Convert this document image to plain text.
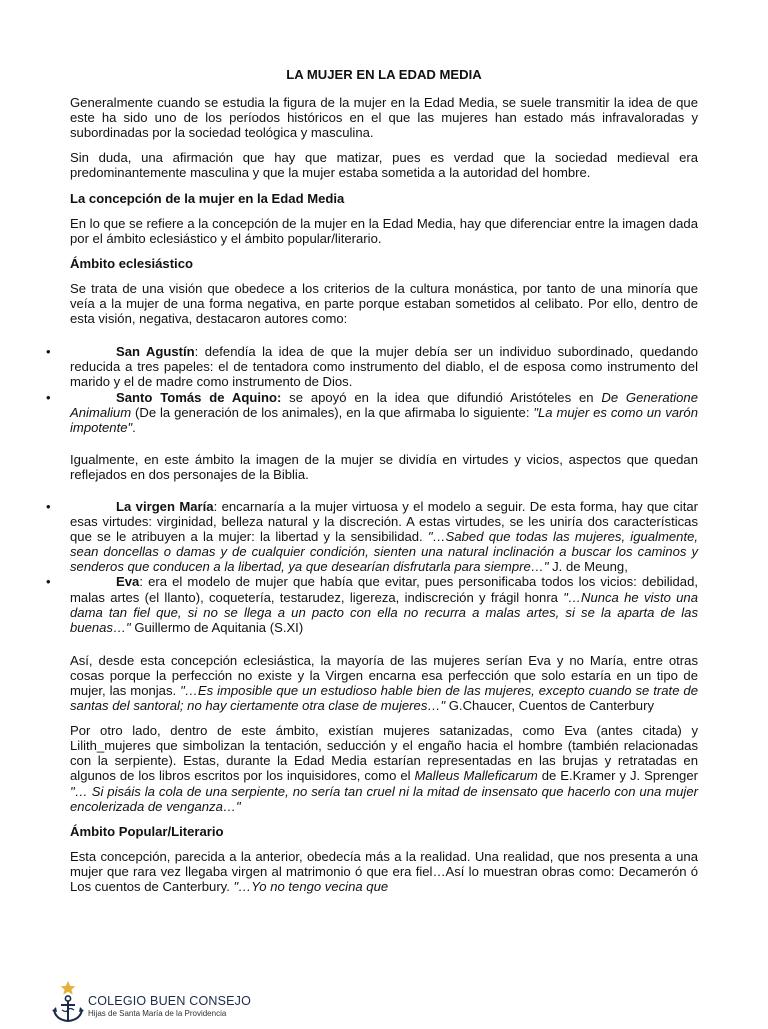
LA MUJER EN LA EDAD MEDIA

Generalmente cuando se estudia la figura de la mujer en la Edad Media, se suele transmitir la idea de que este ha sido uno de los períodos históricos en el que las mujeres han estado más infravaloradas y subordinadas por la sociedad teológica y masculina.

Sin duda, una afirmación que hay que matizar, pues es verdad que la sociedad medieval era predominantemente masculina y que la mujer estaba sometida a la autoridad del hombre.

La concepción de la mujer en la Edad Media

En lo que se refiere a la concepción de la mujer en la Edad Media, hay que diferenciar entre la imagen dada por el ámbito eclesiástico y el ámbito popular/literario.

Ámbito eclesiástico

Se trata de una visión que obedece a los criterios de la cultura monástica, por tanto de una minoría que veía a la mujer de una forma negativa, en parte porque estaban sometidos al celibato. Por ello, dentro de esta visión, negativa, destacaron autores como:

•	San Agustín: defendía la idea de que la mujer debía ser un individuo subordinado, quedando reducida a tres papeles: el de tentadora como instrumento del diablo, el de esposa como instrumento del marido y el de madre como instrumento de Dios.
•	Santo Tomás de Aquino: se apoyó en la idea que difundió Aristóteles en De Generatione Animalium (De la generación de los animales), en la que afirmaba lo siguiente: "La mujer es como un varón impotente".

Igualmente, en este ámbito la imagen de la mujer se dividía en virtudes y vicios, aspectos que quedan reflejados en dos personajes de la Biblia.

•	La virgen María: encarnaría a la mujer virtuosa y el modelo a seguir. De esta forma, hay que citar esas virtudes: virginidad, belleza natural y la discreción. A estas virtudes, se les uniría dos características que se le atribuyen a la mujer: la libertad y la sensibilidad. "…Sabed que todas las mujeres, igualmente, sean doncellas o damas y de cualquier condición, sienten una natural inclinación a buscar los caminos y senderos que conducen a la libertad, ya que desearían disfrutarla para siempre…" J. de Meung,
•	Eva: era el modelo de mujer que había que evitar, pues personificaba todos los vicios: debilidad, malas artes (el llanto), coquetería, testarudez, ligereza, indiscreción y frágil honra "…Nunca he visto una dama tan fiel que, si no se llega a un pacto con ella no recurra a malas artes, si se la aparta de las buenas…" Guillermo de Aquitania (S.XI)

Así, desde esta concepción eclesiástica, la mayoría de las mujeres serían Eva y no María, entre otras cosas porque la perfección no existe y la Virgen encarna esa perfección que solo estaría en un tipo de mujer, las monjas. "…Es imposible que un estudioso hable bien de las mujeres, excepto cuando se trate de santas del santoral; no hay ciertamente otra clase de mujeres…" G.Chaucer, Cuentos de Canterbury

Por otro lado, dentro de este ámbito, existían mujeres satanizadas, como Eva (antes citada) y Lilith_mujeres que simbolizan la tentación, seducción y el engaño hacia el hombre (también relacionadas con la serpiente). Estas, durante la Edad Media estarían representadas en las brujas y retratadas en algunos de los libros escritos por los inquisidores, como el Malleus Malleficarum de E.Kramer y J. Sprenger "… Si pisáis la cola de una serpiente, no sería tan cruel ni la mitad de insensato que hacerlo con una mujer encolerizada de venganza…"

Ámbito Popular/Literario

Esta concepción, parecida a la anterior, obedecía más a la realidad. Una realidad, que nos presenta a una mujer que rara vez llegaba virgen al matrimonio ó que era fiel…Así lo muestran obras como: Decamerón ó Los cuentos de Canterbury. "…Yo no tengo vecina que

COLEGIO BUEN CONSEJO
Hijas de Santa María de la Providencia
